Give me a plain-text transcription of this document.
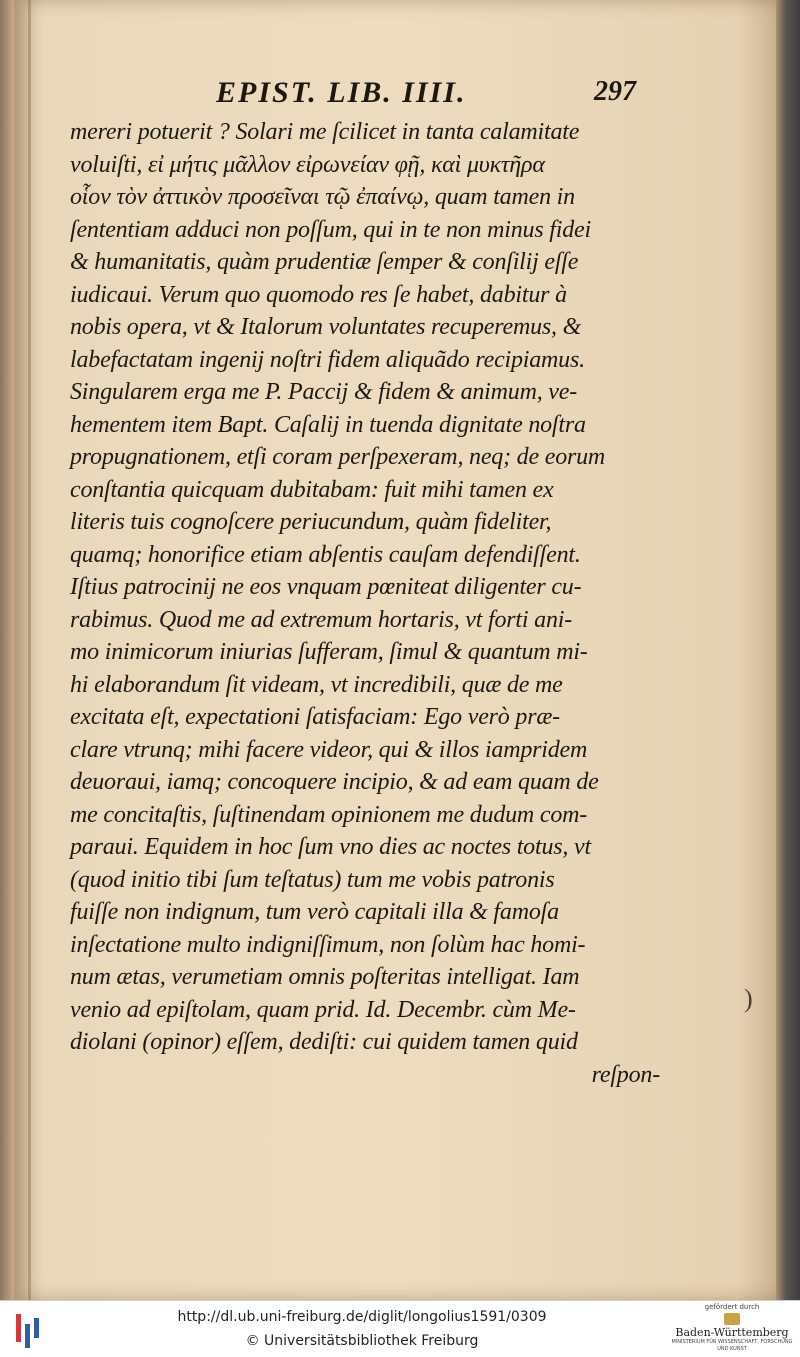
EPIST. LIB. IIII.	297
mereri potuerit ? Solari me ſcilicet in tanta calamitate
voluiſti, εἰ μήτις μᾶλλον εἰρωνείαν φῇ, καὶ μυκτῆρα
οἷον τὸν ἀττικὸν προσεῖναι τῷ ἐπαίνῳ, quam tamen in
ſententiam adduci non poſſum, qui in te non minus fidei
& humanitatis, quàm prudentiæ ſemper & conſilij eſſe
iudicaui. Verum quo quomodo res ſe habet, dabitur à
nobis opera, vt & Italorum voluntates recuperemus, &
labefactatam ingenij noſtri fidem aliquãdo recipiamus.
Singularem erga me P. Paccij & fidem & animum, ve-
hementem item Bapt. Caſalij in tuenda dignitate noſtra
propugnationem, etſi coram perſpexeram, neq; de eorum
conſtantia quicquam dubitabam: fuit mihi tamen ex
literis tuis cognoſcere periucundum, quàm fideliter,
quamq; honorifice etiam abſentis cauſam defendiſſent.
Iſtius patrocinij ne eos vnquam pœniteat diligenter cu-
rabimus. Quod me ad extremum hortaris, vt forti ani-
mo inimicorum iniurias ſufferam, ſimul & quantum mi-
hi elaborandum ſit videam, vt incredibili, quæ de me
excitata eſt, expectationi ſatisfaciam: Ego verò præ-
clare vtrunq; mihi facere videor, qui & illos iampridem
deuoraui, iamq; concoquere incipio, & ad eam quam de
me concitaſtis, ſuſtinendam opinionem me dudum com-
paraui. Equidem in hoc ſum vno dies ac noctes totus, vt
(quod initio tibi ſum teſtatus) tum me vobis patronis
fuiſſe non indignum, tum verò capitali illa & famoſa
inſectatione multo indigniſſimum, non ſolùm hac homi-
num ætas, verumetiam omnis poſteritas intelligat. Iam
venio ad epiſtolam, quam prid. Id. Decembr. cùm Me-
diolani (opinor) eſſem, dediſti: cui quidem tamen quid
reſpon-
)
http://dl.ub.uni-freiburg.de/diglit/longolius1591/0309
© Universitätsbibliothek Freiburg
gefördert durch
Baden-Württemberg
MINISTERIUM FÜR WISSENSCHAFT, FORSCHUNG UND KUNST
